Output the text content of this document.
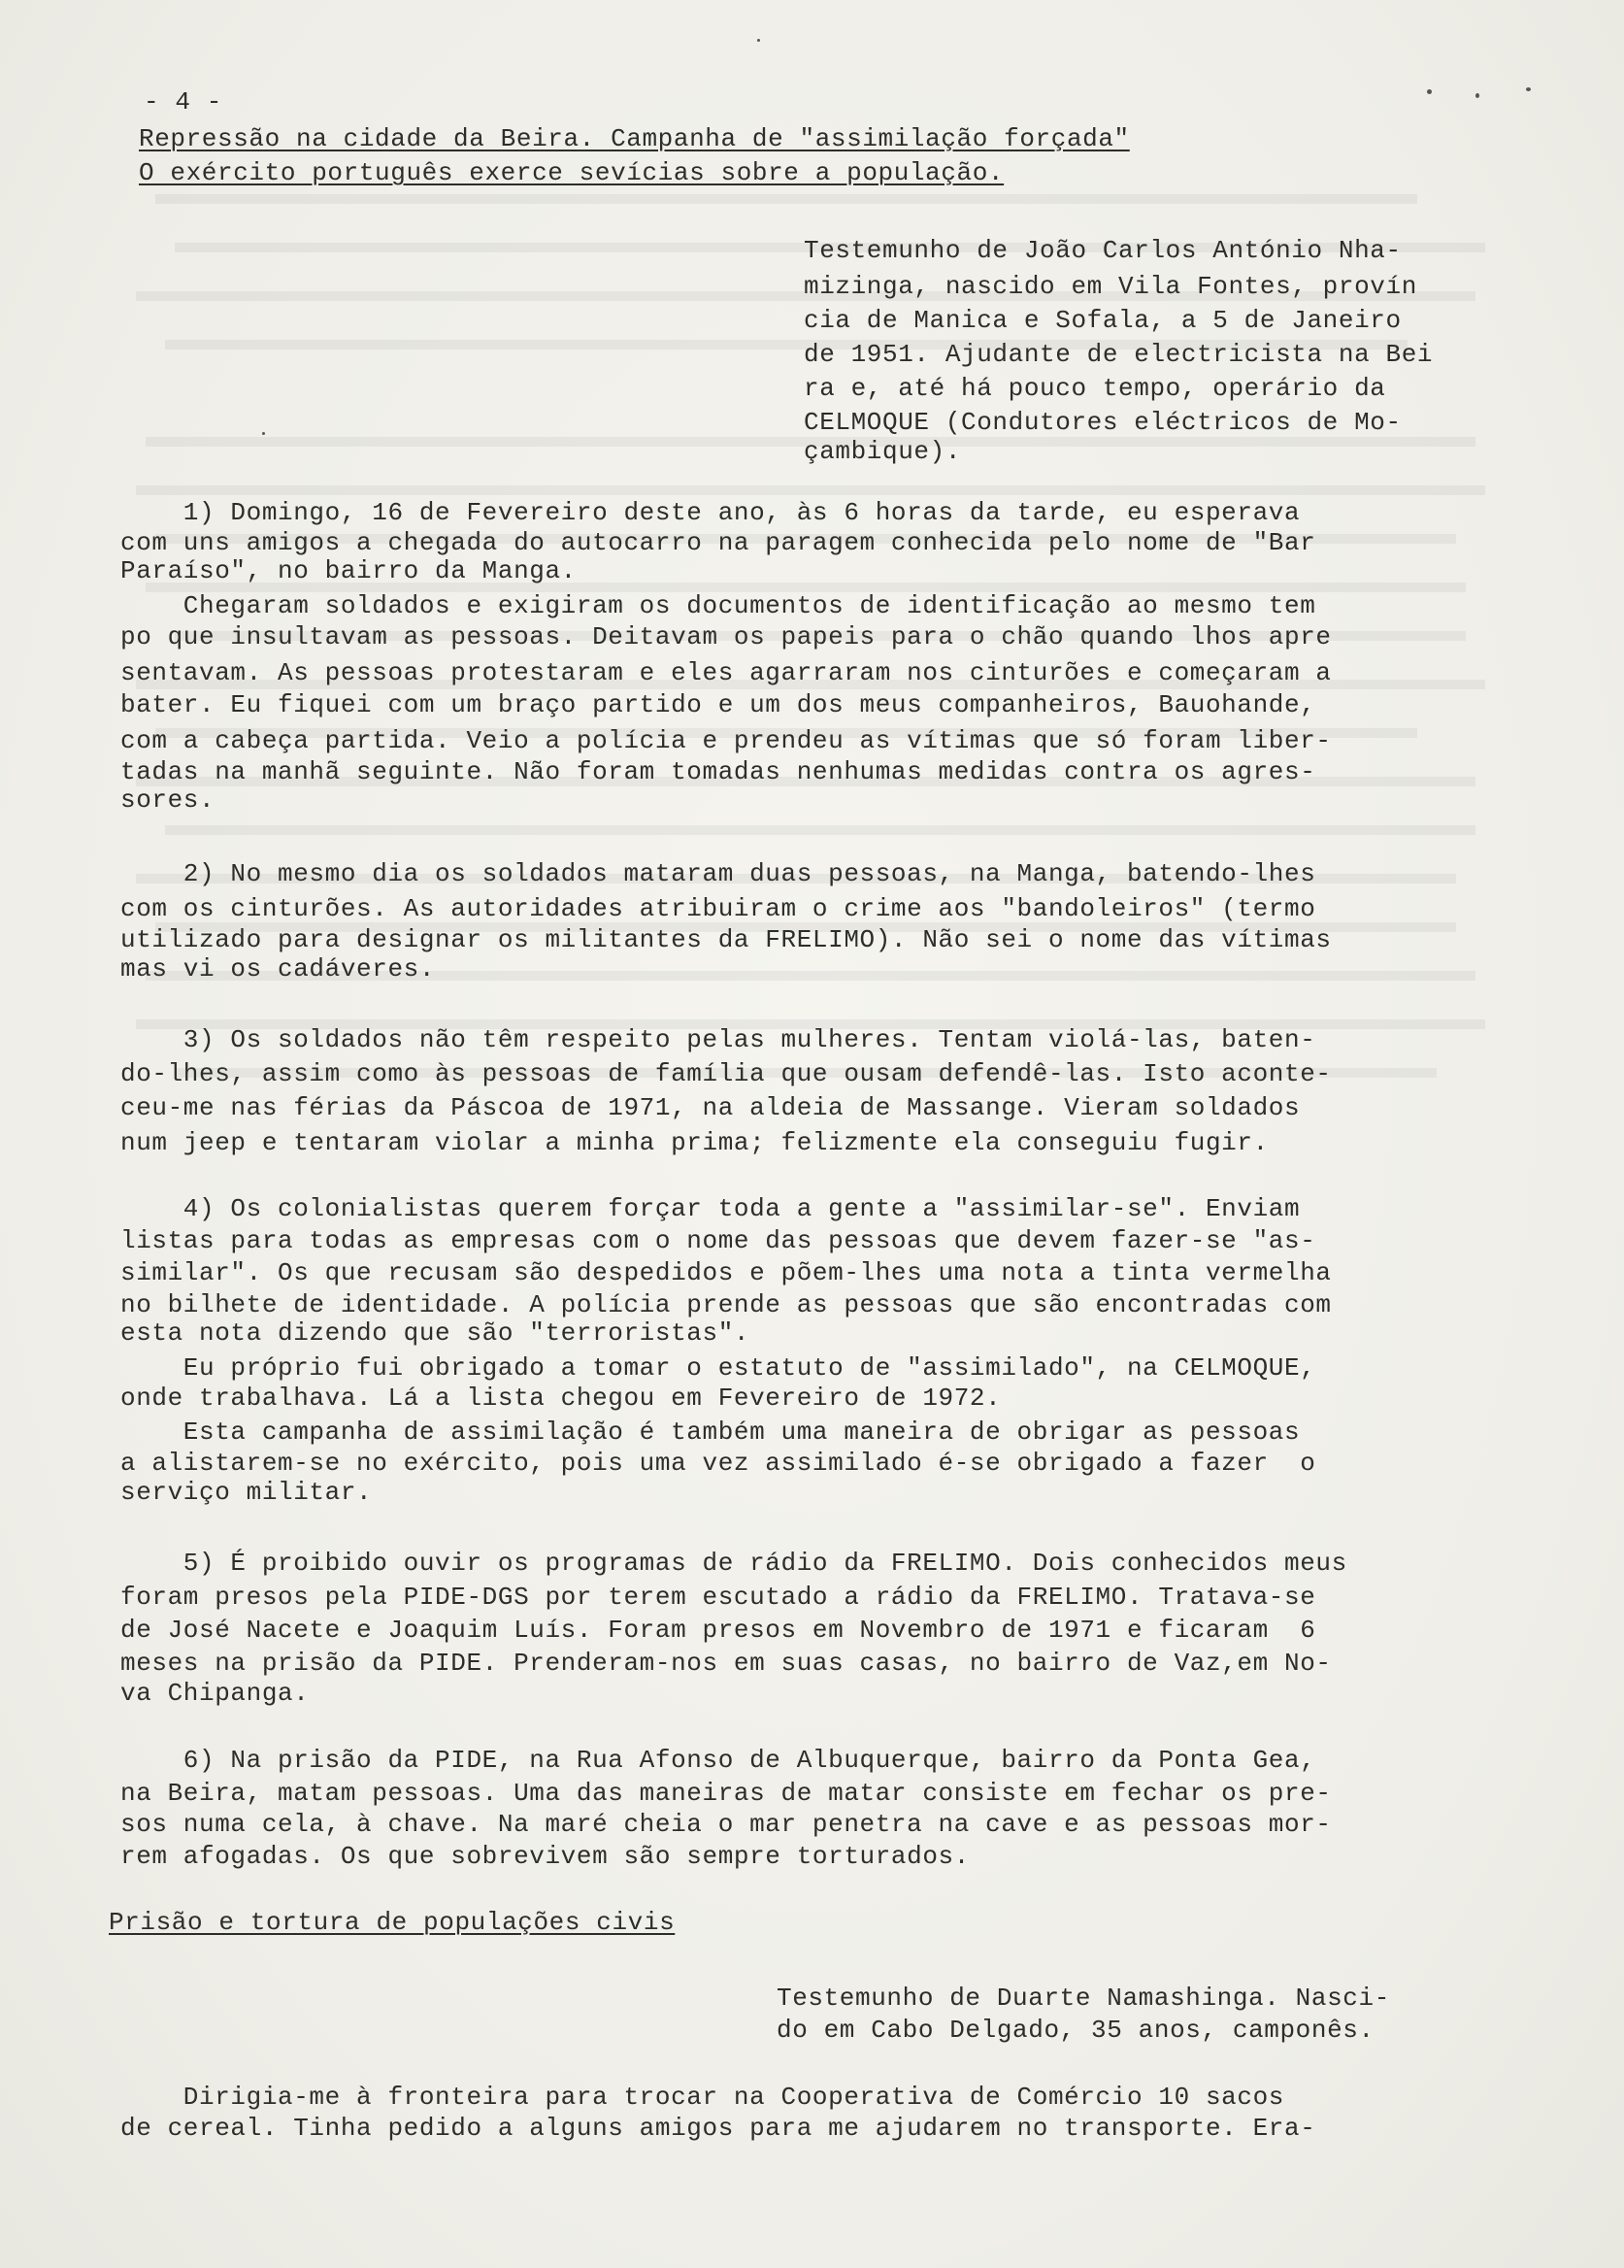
- 4 -
Repressão na cidade da Beira. Campanha de "assimilação forçada"
O exército português exerce sevícias sobre a população.
Testemunho de João Carlos António Nha-
mizinga, nascido em Vila Fontes, provín
cia de Manica e Sofala, a 5 de Janeiro
de 1951. Ajudante de electricista na Bei
ra e, até há pouco tempo, operário da
CELMOQUE (Condutores eléctricos de Mo-
çambique).
1) Domingo, 16 de Fevereiro deste ano, às 6 horas da tarde, eu esperava
com uns amigos a chegada do autocarro na paragem conhecida pelo nome de "Bar
Paraíso", no bairro da Manga.
Chegaram soldados e exigiram os documentos de identificação ao mesmo tem
po que insultavam as pessoas. Deitavam os papeis para o chão quando lhos apre
sentavam. As pessoas protestaram e eles agarraram nos cinturões e começaram a
bater. Eu fiquei com um braço partido e um dos meus companheiros, Bauohande,
com a cabeça partida. Veio a polícia e prendeu as vítimas que só foram liber-
tadas na manhã seguinte. Não foram tomadas nenhumas medidas contra os agres-
sores.
2) No mesmo dia os soldados mataram duas pessoas, na Manga, batendo-lhes
com os cinturões. As autoridades atribuiram o crime aos "bandoleiros" (termo
utilizado para designar os militantes da FRELIMO). Não sei o nome das vítimas
mas vi os cadáveres.
3) Os soldados não têm respeito pelas mulheres. Tentam violá-las, baten-
do-lhes, assim como às pessoas de família que ousam defendê-las. Isto aconte-
ceu-me nas férias da Páscoa de 1971, na aldeia de Massange. Vieram soldados
num jeep e tentaram violar a minha prima; felizmente ela conseguiu fugir.
4) Os colonialistas querem forçar toda a gente a "assimilar-se". Enviam
listas para todas as empresas com o nome das pessoas que devem fazer-se "as-
similar". Os que recusam são despedidos e põem-lhes uma nota a tinta vermelha
no bilhete de identidade. A polícia prende as pessoas que são encontradas com
esta nota dizendo que são "terroristas".
Eu próprio fui obrigado a tomar o estatuto de "assimilado", na CELMOQUE,
onde trabalhava. Lá a lista chegou em Fevereiro de 1972.
Esta campanha de assimilação é também uma maneira de obrigar as pessoas
a alistarem-se no exército, pois uma vez assimilado é-se obrigado a fazer  o
serviço militar.
5) É proibido ouvir os programas de rádio da FRELIMO. Dois conhecidos meus
foram presos pela PIDE-DGS por terem escutado a rádio da FRELIMO. Tratava-se
de José Nacete e Joaquim Luís. Foram presos em Novembro de 1971 e ficaram  6
meses na prisão da PIDE. Prenderam-nos em suas casas, no bairro de Vaz,em No-
va Chipanga.
6) Na prisão da PIDE, na Rua Afonso de Albuquerque, bairro da Ponta Gea,
na Beira, matam pessoas. Uma das maneiras de matar consiste em fechar os pre-
sos numa cela, à chave. Na maré cheia o mar penetra na cave e as pessoas mor-
rem afogadas. Os que sobrevivem são sempre torturados.
Prisão e tortura de populações civis
Testemunho de Duarte Namashinga. Nasci-
do em Cabo Delgado, 35 anos, camponês.
Dirigia-me à fronteira para trocar na Cooperativa de Comércio 10 sacos
de cereal. Tinha pedido a alguns amigos para me ajudarem no transporte. Era-
